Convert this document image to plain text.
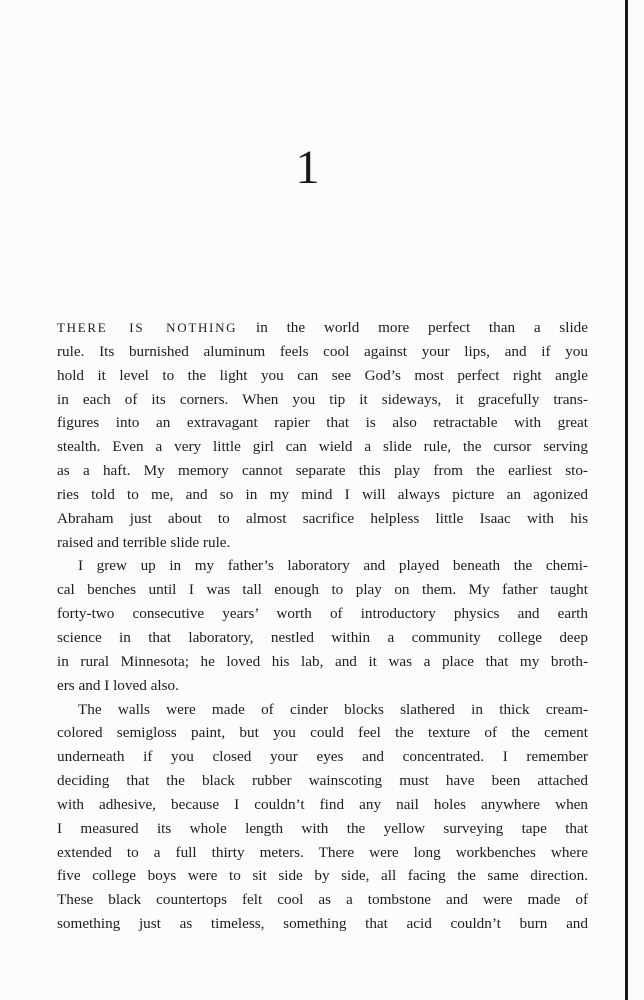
1
THERE IS NOTHING in the world more perfect than a slide
rule. Its burnished aluminum feels cool against your lips, and if you
hold it level to the light you can see God’s most perfect right angle
in each of its corners. When you tip it sideways, it gracefully trans-
figures into an extravagant rapier that is also retractable with great
stealth. Even a very little girl can wield a slide rule, the cursor serving
as a haft. My memory cannot separate this play from the earliest sto-
ries told to me, and so in my mind I will always picture an agonized
Abraham just about to almost sacrifice helpless little Isaac with his
raised and terrible slide rule.
I grew up in my father’s laboratory and played beneath the chemi-
cal benches until I was tall enough to play on them. My father taught
forty-two consecutive years’ worth of introductory physics and earth
science in that laboratory, nestled within a community college deep
in rural Minnesota; he loved his lab, and it was a place that my broth-
ers and I loved also.
The walls were made of cinder blocks slathered in thick cream-
colored semigloss paint, but you could feel the texture of the cement
underneath if you closed your eyes and concentrated. I remember
deciding that the black rubber wainscoting must have been attached
with adhesive, because I couldn’t find any nail holes anywhere when
I measured its whole length with the yellow surveying tape that
extended to a full thirty meters. There were long workbenches where
five college boys were to sit side by side, all facing the same direction.
These black countertops felt cool as a tombstone and were made of
something just as timeless, something that acid couldn’t burn and
